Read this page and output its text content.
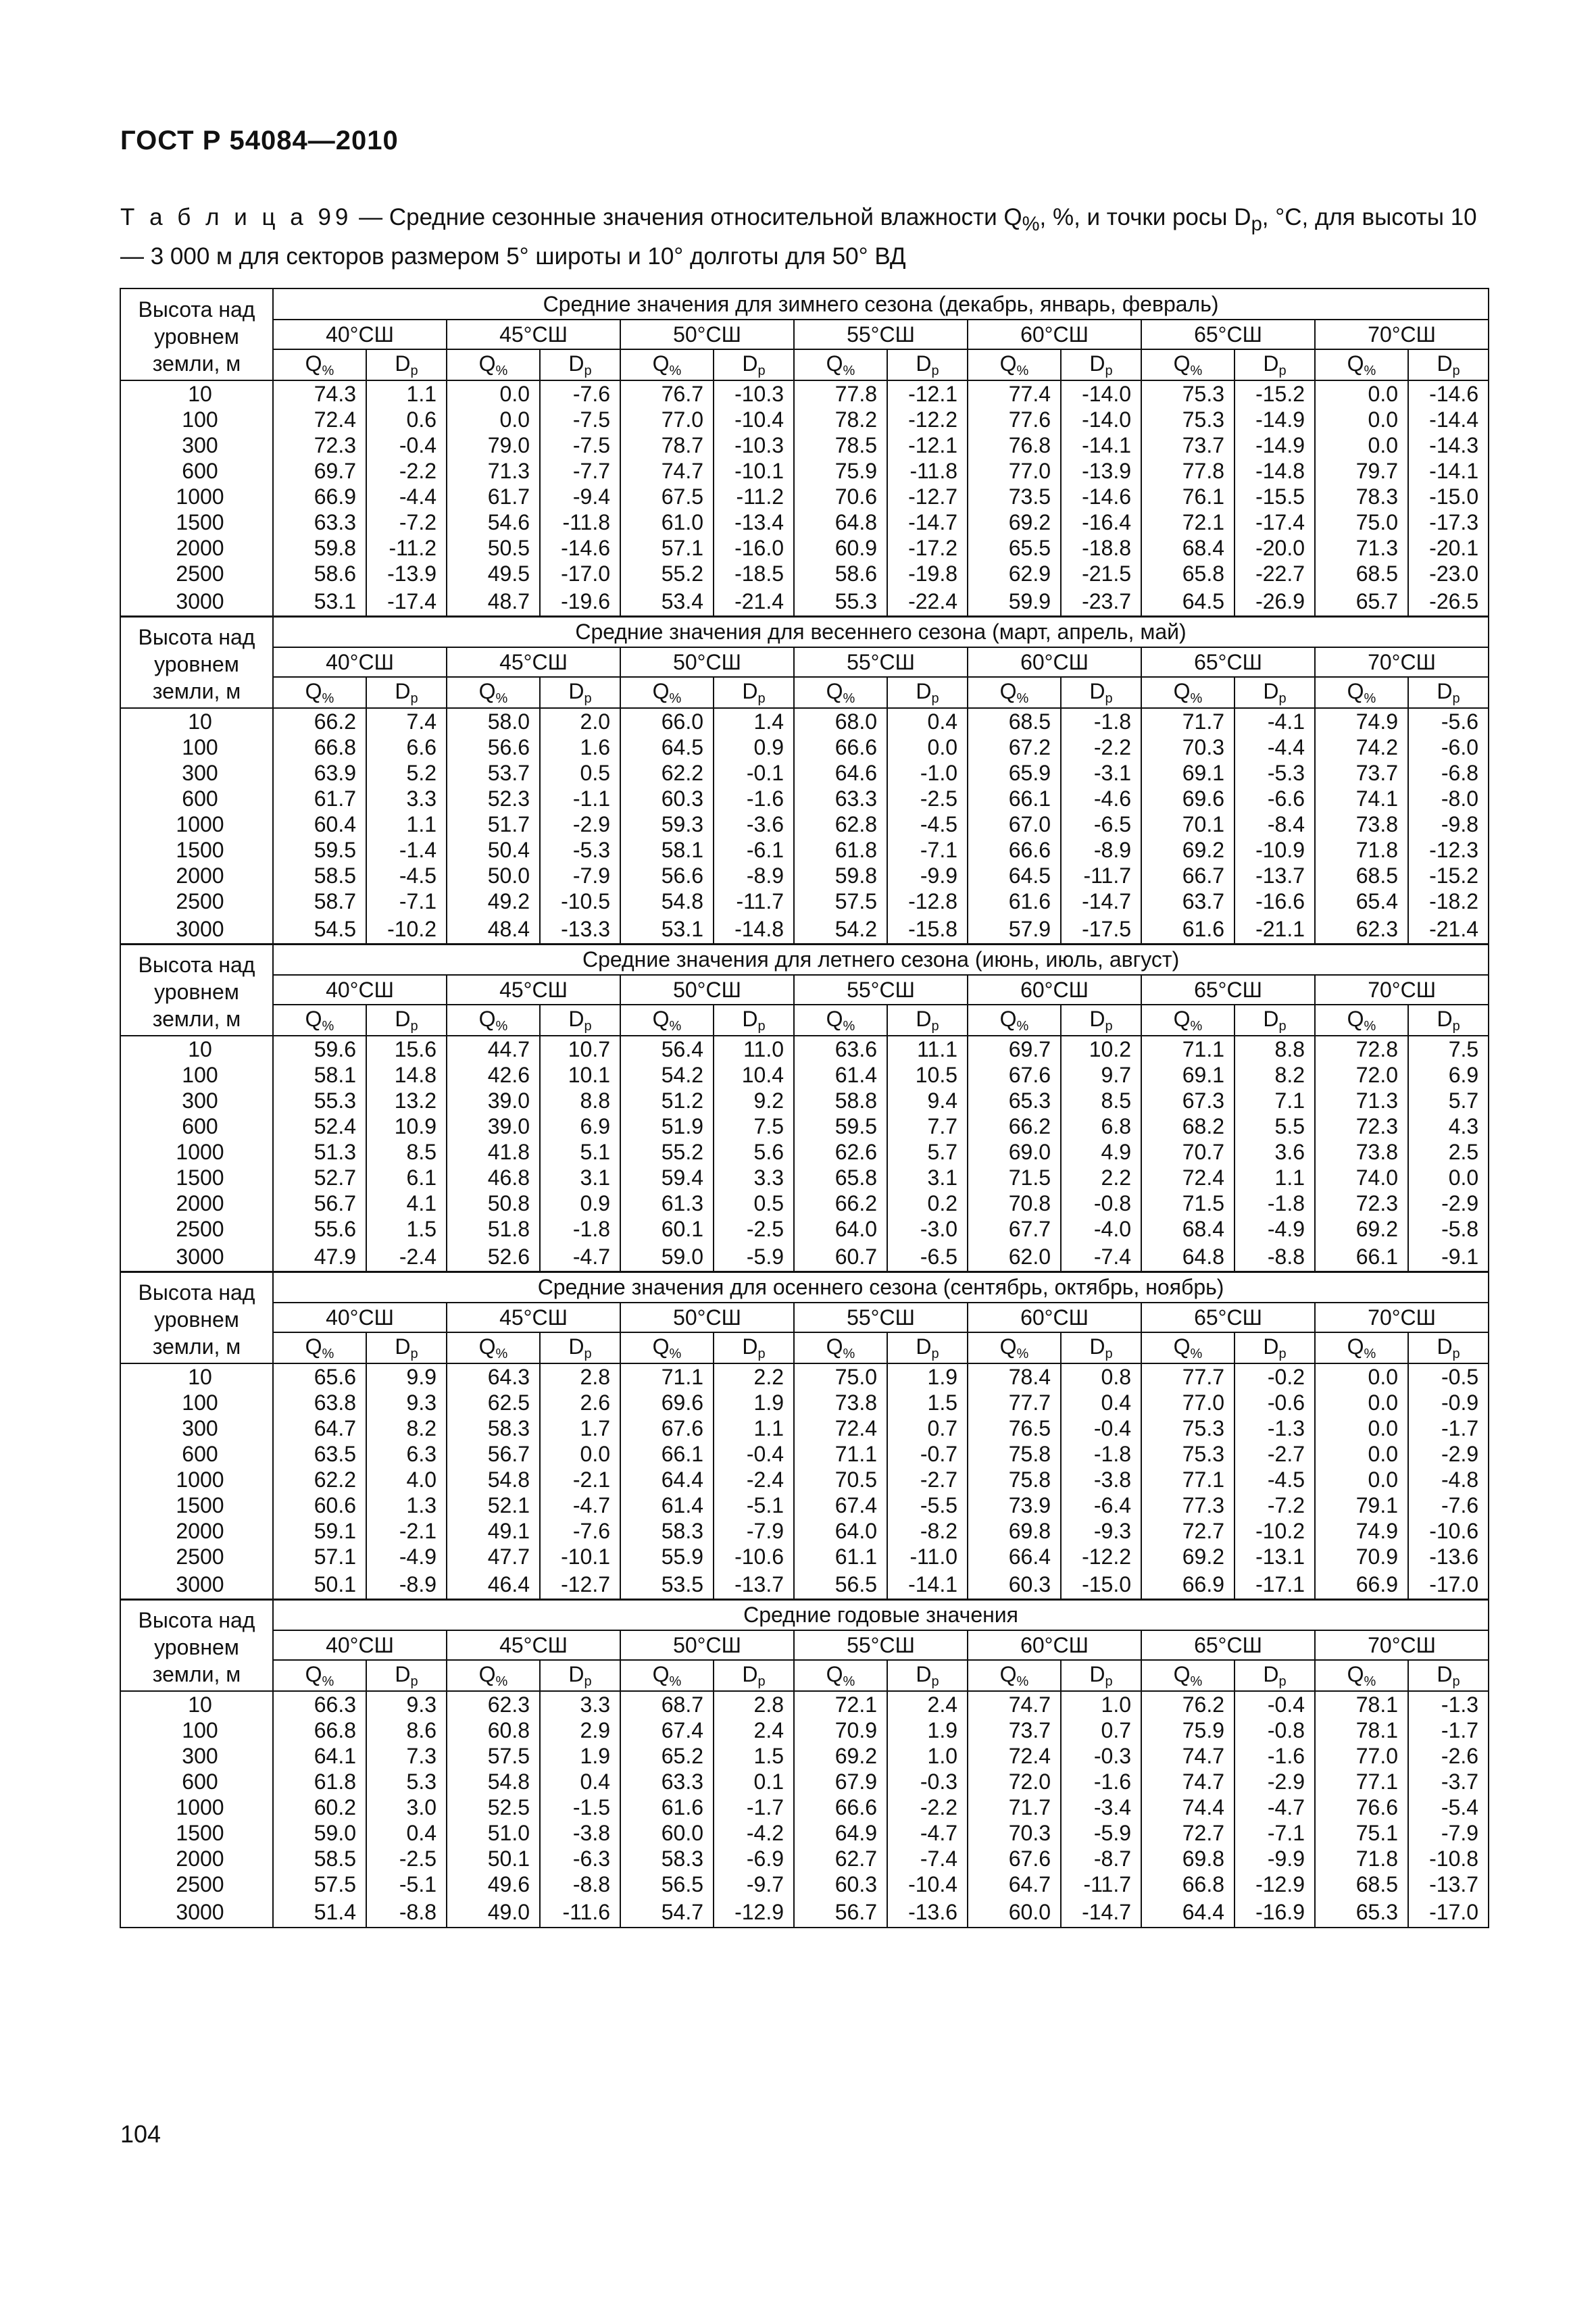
ГОСТ Р 54084—2010
Т а б л и ц а 99 — Средние сезонные значения относительной влажности $Q_{\%}$, %, и точки росы $D_р$, °С, для высоты 10 — 3 000 м для секторов размером 5° широты и 10° долготы для 50° ВД
Высота над уровнем земли, м	Средние значения для зимнего сезона (декабрь, январь, февраль)													
	40°СШ		45°СШ		50°СШ		55°СШ		60°СШ		65°СШ		70°СШ	
	$Q_{\%}$	$D_р$	$Q_{\%}$	$D_р$	$Q_{\%}$	$D_р$	$Q_{\%}$	$D_р$	$Q_{\%}$	$D_р$	$Q_{\%}$	$D_р$	$Q_{\%}$	$D_р$
10	74.3	1.1	0.0	-7.6	76.7	-10.3	77.8	-12.1	77.4	-14.0	75.3	-15.2	0.0	-14.6
100	72.4	0.6	0.0	-7.5	77.0	-10.4	78.2	-12.2	77.6	-14.0	75.3	-14.9	0.0	-14.4
300	72.3	-0.4	79.0	-7.5	78.7	-10.3	78.5	-12.1	76.8	-14.1	73.7	-14.9	0.0	-14.3
600	69.7	-2.2	71.3	-7.7	74.7	-10.1	75.9	-11.8	77.0	-13.9	77.8	-14.8	79.7	-14.1
1000	66.9	-4.4	61.7	-9.4	67.5	-11.2	70.6	-12.7	73.5	-14.6	76.1	-15.5	78.3	-15.0
1500	63.3	-7.2	54.6	-11.8	61.0	-13.4	64.8	-14.7	69.2	-16.4	72.1	-17.4	75.0	-17.3
2000	59.8	-11.2	50.5	-14.6	57.1	-16.0	60.9	-17.2	65.5	-18.8	68.4	-20.0	71.3	-20.1
2500	58.6	-13.9	49.5	-17.0	55.2	-18.5	58.6	-19.8	62.9	-21.5	65.8	-22.7	68.5	-23.0
3000	53.1	-17.4	48.7	-19.6	53.4	-21.4	55.3	-22.4	59.9	-23.7	64.5	-26.9	65.7	-26.5
Высота над уровнем земли, м	Средние значения для весеннего сезона (март, апрель, май)													
	40°СШ		45°СШ		50°СШ		55°СШ		60°СШ		65°СШ		70°СШ	
	$Q_{\%}$	$D_р$	$Q_{\%}$	$D_р$	$Q_{\%}$	$D_р$	$Q_{\%}$	$D_р$	$Q_{\%}$	$D_р$	$Q_{\%}$	$D_р$	$Q_{\%}$	$D_р$
10	66.2	7.4	58.0	2.0	66.0	1.4	68.0	0.4	68.5	-1.8	71.7	-4.1	74.9	-5.6
100	66.8	6.6	56.6	1.6	64.5	0.9	66.6	0.0	67.2	-2.2	70.3	-4.4	74.2	-6.0
300	63.9	5.2	53.7	0.5	62.2	-0.1	64.6	-1.0	65.9	-3.1	69.1	-5.3	73.7	-6.8
600	61.7	3.3	52.3	-1.1	60.3	-1.6	63.3	-2.5	66.1	-4.6	69.6	-6.6	74.1	-8.0
1000	60.4	1.1	51.7	-2.9	59.3	-3.6	62.8	-4.5	67.0	-6.5	70.1	-8.4	73.8	-9.8
1500	59.5	-1.4	50.4	-5.3	58.1	-6.1	61.8	-7.1	66.6	-8.9	69.2	-10.9	71.8	-12.3
2000	58.5	-4.5	50.0	-7.9	56.6	-8.9	59.8	-9.9	64.5	-11.7	66.7	-13.7	68.5	-15.2
2500	58.7	-7.1	49.2	-10.5	54.8	-11.7	57.5	-12.8	61.6	-14.7	63.7	-16.6	65.4	-18.2
3000	54.5	-10.2	48.4	-13.3	53.1	-14.8	54.2	-15.8	57.9	-17.5	61.6	-21.1	62.3	-21.4
Высота над уровнем земли, м	Средние значения для летнего сезона (июнь, июль, август)													
	40°СШ		45°СШ		50°СШ		55°СШ		60°СШ		65°СШ		70°СШ	
	$Q_{\%}$	$D_р$	$Q_{\%}$	$D_р$	$Q_{\%}$	$D_р$	$Q_{\%}$	$D_р$	$Q_{\%}$	$D_р$	$Q_{\%}$	$D_р$	$Q_{\%}$	$D_р$
10	59.6	15.6	44.7	10.7	56.4	11.0	63.6	11.1	69.7	10.2	71.1	8.8	72.8	7.5
100	58.1	14.8	42.6	10.1	54.2	10.4	61.4	10.5	67.6	9.7	69.1	8.2	72.0	6.9
300	55.3	13.2	39.0	8.8	51.2	9.2	58.8	9.4	65.3	8.5	67.3	7.1	71.3	5.7
600	52.4	10.9	39.0	6.9	51.9	7.5	59.5	7.7	66.2	6.8	68.2	5.5	72.3	4.3
1000	51.3	8.5	41.8	5.1	55.2	5.6	62.6	5.7	69.0	4.9	70.7	3.6	73.8	2.5
1500	52.7	6.1	46.8	3.1	59.4	3.3	65.8	3.1	71.5	2.2	72.4	1.1	74.0	0.0
2000	56.7	4.1	50.8	0.9	61.3	0.5	66.2	0.2	70.8	-0.8	71.5	-1.8	72.3	-2.9
2500	55.6	1.5	51.8	-1.8	60.1	-2.5	64.0	-3.0	67.7	-4.0	68.4	-4.9	69.2	-5.8
3000	47.9	-2.4	52.6	-4.7	59.0	-5.9	60.7	-6.5	62.0	-7.4	64.8	-8.8	66.1	-9.1
Высота над уровнем земли, м	Средние значения для осеннего сезона (сентябрь, октябрь, ноябрь)													
	40°СШ		45°СШ		50°СШ		55°СШ		60°СШ		65°СШ		70°СШ	
	$Q_{\%}$	$D_р$	$Q_{\%}$	$D_р$	$Q_{\%}$	$D_р$	$Q_{\%}$	$D_р$	$Q_{\%}$	$D_р$	$Q_{\%}$	$D_р$	$Q_{\%}$	$D_р$
10	65.6	9.9	64.3	2.8	71.1	2.2	75.0	1.9	78.4	0.8	77.7	-0.2	0.0	-0.5
100	63.8	9.3	62.5	2.6	69.6	1.9	73.8	1.5	77.7	0.4	77.0	-0.6	0.0	-0.9
300	64.7	8.2	58.3	1.7	67.6	1.1	72.4	0.7	76.5	-0.4	75.3	-1.3	0.0	-1.7
600	63.5	6.3	56.7	0.0	66.1	-0.4	71.1	-0.7	75.8	-1.8	75.3	-2.7	0.0	-2.9
1000	62.2	4.0	54.8	-2.1	64.4	-2.4	70.5	-2.7	75.8	-3.8	77.1	-4.5	0.0	-4.8
1500	60.6	1.3	52.1	-4.7	61.4	-5.1	67.4	-5.5	73.9	-6.4	77.3	-7.2	79.1	-7.6
2000	59.1	-2.1	49.1	-7.6	58.3	-7.9	64.0	-8.2	69.8	-9.3	72.7	-10.2	74.9	-10.6
2500	57.1	-4.9	47.7	-10.1	55.9	-10.6	61.1	-11.0	66.4	-12.2	69.2	-13.1	70.9	-13.6
3000	50.1	-8.9	46.4	-12.7	53.5	-13.7	56.5	-14.1	60.3	-15.0	66.9	-17.1	66.9	-17.0
Высота над уровнем земли, м	Средние годовые значения													
	40°СШ		45°СШ		50°СШ		55°СШ		60°СШ		65°СШ		70°СШ	
	$Q_{\%}$	$D_р$	$Q_{\%}$	$D_р$	$Q_{\%}$	$D_р$	$Q_{\%}$	$D_р$	$Q_{\%}$	$D_р$	$Q_{\%}$	$D_р$	$Q_{\%}$	$D_р$
10	66.3	9.3	62.3	3.3	68.7	2.8	72.1	2.4	74.7	1.0	76.2	-0.4	78.1	-1.3
100	66.8	8.6	60.8	2.9	67.4	2.4	70.9	1.9	73.7	0.7	75.9	-0.8	78.1	-1.7
300	64.1	7.3	57.5	1.9	65.2	1.5	69.2	1.0	72.4	-0.3	74.7	-1.6	77.0	-2.6
600	61.8	5.3	54.8	0.4	63.3	0.1	67.9	-0.3	72.0	-1.6	74.7	-2.9	77.1	-3.7
1000	60.2	3.0	52.5	-1.5	61.6	-1.7	66.6	-2.2	71.7	-3.4	74.4	-4.7	76.6	-5.4
1500	59.0	0.4	51.0	-3.8	60.0	-4.2	64.9	-4.7	70.3	-5.9	72.7	-7.1	75.1	-7.9
2000	58.5	-2.5	50.1	-6.3	58.3	-6.9	62.7	-7.4	67.6	-8.7	69.8	-9.9	71.8	-10.8
2500	57.5	-5.1	49.6	-8.8	56.5	-9.7	60.3	-10.4	64.7	-11.7	66.8	-12.9	68.5	-13.7
3000	51.4	-8.8	49.0	-11.6	54.7	-12.9	56.7	-13.6	60.0	-14.7	64.4	-16.9	65.3	-17.0
104
